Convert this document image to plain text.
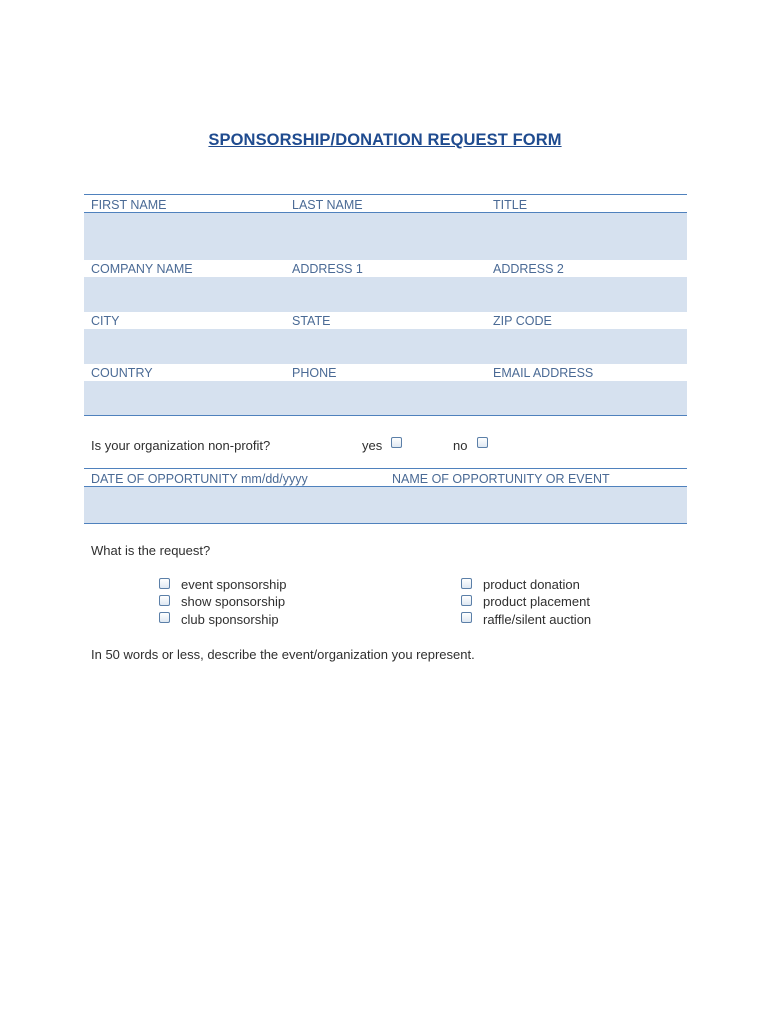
SPONSORSHIP/DONATION REQUEST FORM
FIRST NAME	LAST NAME	TITLE
COMPANY NAME	ADDRESS 1	ADDRESS 2
CITY	STATE	ZIP CODE
COUNTRY	PHONE	EMAIL ADDRESS
Is your organization non-profit?	yes	no
DATE OF OPPORTUNITY mm/dd/yyyy	NAME OF OPPORTUNITY OR EVENT
What is the request?
event sponsorship
show sponsorship
club sponsorship
product donation
product placement
raffle/silent auction
In 50 words or less, describe the event/organization you represent.
